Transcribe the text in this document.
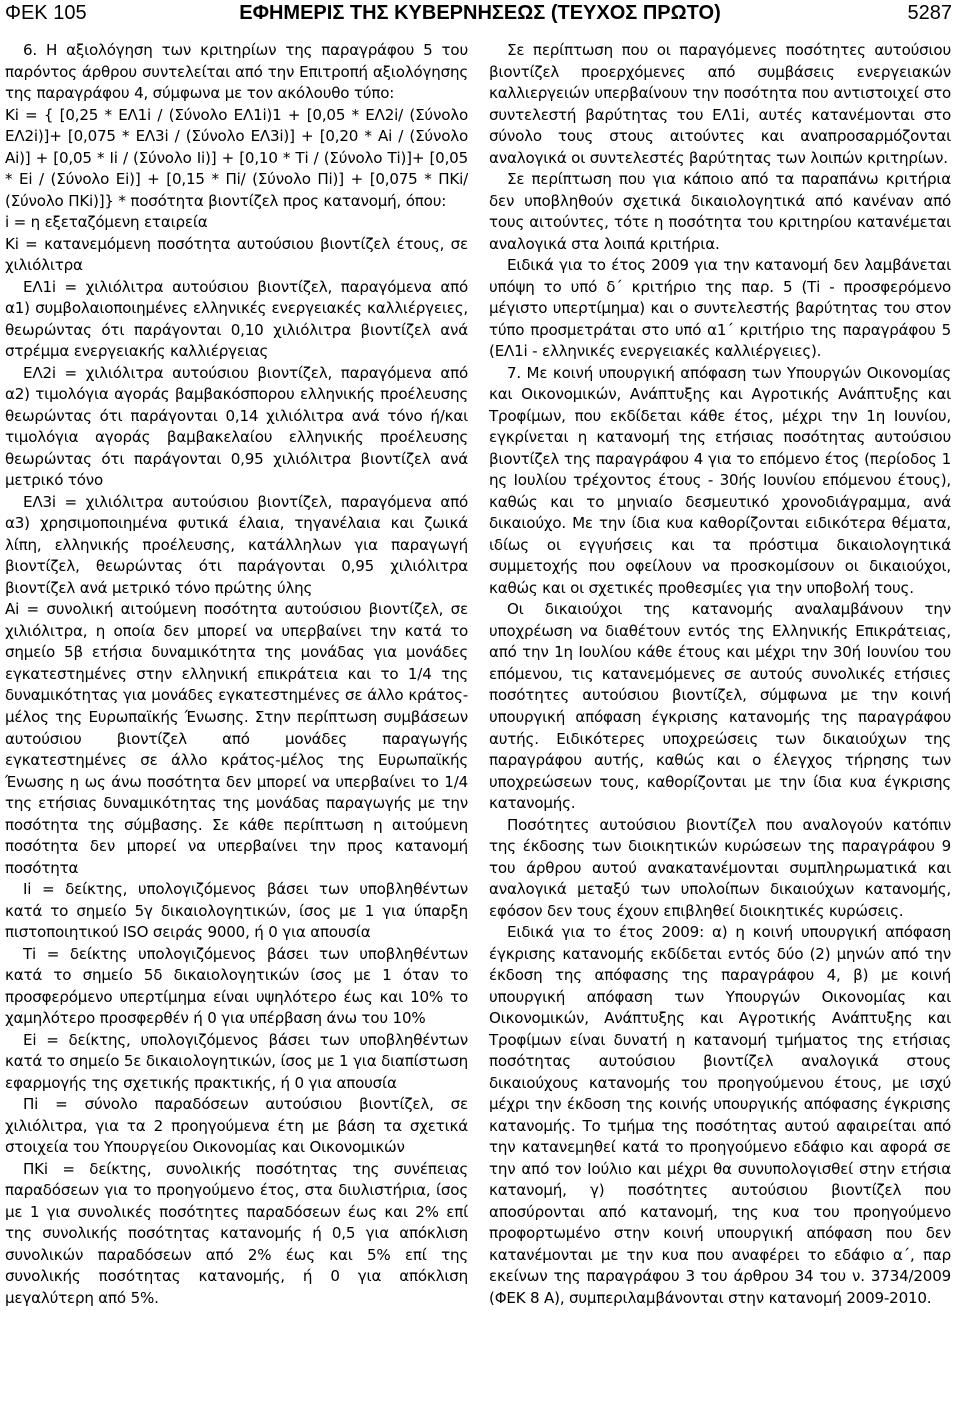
ΦΕΚ 105	ΕΦΗΜΕΡΙΣ ΤΗΣ ΚΥΒΕΡΝΗΣΕΩΣ (ΤΕΥΧΟΣ ΠΡΩΤΟ)	5287

6. Η αξιολόγηση των κριτηρίων της παραγράφου 5 του παρόντος άρθρου συντελείται από την Επιτροπή αξιολόγησης της παραγράφου 4, σύμφωνα με τον ακόλουθο τύπο:

Κi = { [0,25 * ΕΛ1i / (Σύνολο ΕΛ1i)1 + [0,05 * ΕΛ2i/ (Σύνολο ΕΛ2i)]+ [0,075 * ΕΛ3i / (Σύνολο ΕΛ3i)] + [0,20 * Αi / (Σύνολο Αi)] + [0,05 * Ιi / (Σύνολο Ιi)] + [0,10 * Τi / (Σύνολο Τi)]+ [0,05 * Εi / (Σύνολο Εi)] + [0,15 * Πi/ (Σύνολο Πi)] + [0,075 * ΠΚi/ (Σύνολο ΠΚi)]} * ποσότητα βιοντίζελ προς κατανομή, όπου:

i = η εξεταζόμενη εταιρεία

Κi = κατανεμόμενη ποσότητα αυτούσιου βιοντίζελ έτους, σε χιλιόλιτρα

ΕΛ1i = χιλιόλιτρα αυτούσιου βιοντίζελ, παραγόμενα από α1) συμβολαιοποιημένες ελληνικές ενεργειακές καλλιέργειες, θεωρώντας ότι παράγονται 0,10 χιλιόλιτρα βιοντίζελ ανά στρέμμα ενεργειακής καλλιέργειας

ΕΛ2i = χιλιόλιτρα αυτούσιου βιοντίζελ, παραγόμενα από α2) τιμολόγια αγοράς βαμβακόσπορου ελληνικής προέλευσης θεωρώντας ότι παράγονται 0,14 χιλιόλιτρα ανά τόνο ή/και τιμολόγια αγοράς βαμβακελαίου ελληνικής προέλευσης θεωρώντας ότι παράγονται 0,95 χιλιόλιτρα βιοντίζελ ανά μετρικό τόνο

ΕΛ3i = χιλιόλιτρα αυτούσιου βιοντίζελ, παραγόμενα από α3) χρησιμοποιημένα φυτικά έλαια, τηγανέλαια και ζωικά λίπη, ελληνικής προέλευσης, κατάλληλων για παραγωγή βιοντίζελ, θεωρώντας ότι παράγονται 0,95 χιλιόλιτρα βιοντίζελ ανά μετρικό τόνο πρώτης ύλης

Αi = συνολική αιτούμενη ποσότητα αυτούσιου βιοντίζελ, σε χιλιόλιτρα, η οποία δεν μπορεί να υπερβαίνει την κατά το σημείο 5β ετήσια δυναμικότητα της μονάδας για μονάδες εγκατεστημένες στην ελληνική επικράτεια και το 1/4 της δυναμικότητας για μονάδες εγκατεστημένες σε άλλο κράτος-μέλος της Ευρωπαϊκής Ένωσης. Στην περίπτωση συμβάσεων αυτούσιου βιοντίζελ από μονάδες παραγωγής εγκατεστημένες σε άλλο κράτος-μέλος της Ευρωπαϊκής Ένωσης η ως άνω ποσότητα δεν μπορεί να υπερβαίνει το 1/4 της ετήσιας δυναμικότητας της μονάδας παραγωγής με την ποσότητα της σύμβασης. Σε κάθε περίπτωση η αιτούμενη ποσότητα δεν μπορεί να υπερβαίνει την προς κατανομή ποσότητα

Ιi = δείκτης, υπολογιζόμενος βάσει των υποβληθέντων κατά το σημείο 5γ δικαιολογητικών, ίσος με 1 για ύπαρξη πιστοποιητικού ISO σειράς 9000, ή 0 για απουσία

Τi = δείκτης υπολογιζόμενος βάσει των υποβληθέντων κατά το σημείο 5δ δικαιολογητικών ίσος με 1 όταν το προσφερόμενο υπερτίμημα είναι υψηλότερο έως και 10% το χαμηλότερο προσφερθέν ή 0 για υπέρβαση άνω του 10%

Εi = δείκτης, υπολογιζόμενος βάσει των υποβληθέντων κατά το σημείο 5ε δικαιολογητικών, ίσος με 1 για διαπίστωση εφαρμογής της σχετικής πρακτικής, ή 0 για απουσία

Πi = σύνολο παραδόσεων αυτούσιου βιοντίζελ, σε χιλιόλιτρα, για τα 2 προηγούμενα έτη με βάση τα σχετικά στοιχεία του Υπουργείου Οικονομίας και Οικονομικών

ΠΚi = δείκτης, συνολικής ποσότητας της συνέπειας παραδόσεων για το προηγούμενο έτος, στα διυλιστήρια, ίσος με 1 για συνολικές ποσότητες παραδόσεων έως και 2% επί της συνολικής ποσότητας κατανομής ή 0,5 για απόκλιση συνολικών παραδόσεων από 2% έως και 5% επί της συνολικής ποσότητας κατανομής, ή 0 για απόκλιση μεγαλύτερη από 5%.

Σε περίπτωση που οι παραγόμενες ποσότητες αυτούσιου βιοντίζελ προερχόμενες από συμβάσεις ενεργειακών καλλιεργειών υπερβαίνουν την ποσότητα που αντιστοιχεί στο συντελεστή βαρύτητας του ΕΛ1i, αυτές κατανέμονται στο σύνολο τους στους αιτούντες και αναπροσαρμόζονται αναλογικά οι συντελεστές βαρύτητας των λοιπών κριτηρίων.

Σε περίπτωση που για κάποιο από τα παραπάνω κριτήρια δεν υποβληθούν σχετικά δικαιολογητικά από κανέναν από τους αιτούντες, τότε η ποσότητα του κριτηρίου κατανέμεται αναλογικά στα λοιπά κριτήρια.

Ειδικά για το έτος 2009 για την κατανομή δεν λαμβάνεται υπόψη το υπό δ΄ κριτήριο της παρ. 5 (Τi - προσφερόμενο μέγιστο υπερτίμημα) και ο συντελεστής βαρύτητας του στον τύπο προσμετράται στο υπό α1΄ κριτήριο της παραγράφου 5 (ΕΛ1i - ελληνικές ενεργειακές καλλιέργειες).

7. Με κοινή υπουργική απόφαση των Υπουργών Οικονομίας και Οικονομικών, Ανάπτυξης και Αγροτικής Ανάπτυξης και Τροφίμων, που εκδίδεται κάθε έτος, μέχρι την 1η Ιουνίου, εγκρίνεται η κατανομή της ετήσιας ποσότητας αυτούσιου βιοντίζελ της παραγράφου 4 για το επόμενο έτος (περίοδος 1 ης Ιουλίου τρέχοντος έτους - 30ής Ιουνίου επόμενου έτους), καθώς και το μηνιαίο δεσμευτικό χρονοδιάγραμμα, ανά δικαιούχο. Με την ίδια κυα καθορίζονται ειδικότερα θέματα, ιδίως οι εγγυήσεις και τα πρόστιμα δικαιολογητικά συμμετοχής που οφείλουν να προσκομίσουν οι δικαιούχοι, καθώς και οι σχετικές προθεσμίες για την υποβολή τους.

Οι δικαιούχοι της κατανομής αναλαμβάνουν την υποχρέωση να διαθέτουν εντός της Ελληνικής Επικράτειας, από την 1η Ιουλίου κάθε έτους και μέχρι την 30ή Ιουνίου του επόμενου, τις κατανεμόμενες σε αυτούς συνολικές ετήσιες ποσότητες αυτούσιου βιοντίζελ, σύμφωνα με την κοινή υπουργική απόφαση έγκρισης κατανομής της παραγράφου αυτής. Ειδικότερες υποχρεώσεις των δικαιούχων της παραγράφου αυτής, καθώς και ο έλεγχος τήρησης των υποχρεώσεων τους, καθορίζονται με την ίδια κυα έγκρισης κατανομής.

Ποσότητες αυτούσιου βιοντίζελ που αναλογούν κατόπιν της έκδοσης των διοικητικών κυρώσεων της παραγράφου 9 του άρθρου αυτού ανακατανέμονται συμπληρωματικά και αναλογικά μεταξύ των υπολοίπων δικαιούχων κατανομής, εφόσον δεν τους έχουν επιβληθεί διοικητικές κυρώσεις.

Ειδικά για το έτος 2009: α) η κοινή υπουργική απόφαση έγκρισης κατανομής εκδίδεται εντός δύο (2) μηνών από την έκδοση της απόφασης της παραγράφου 4, β) με κοινή υπουργική απόφαση των Υπουργών Οικονομίας και Οικονομικών, Ανάπτυξης και Αγροτικής Ανάπτυξης και Τροφίμων είναι δυνατή η κατανομή τμήματος της ετήσιας ποσότητας αυτούσιου βιοντίζελ αναλογικά στους δικαιούχους κατανομής του προηγούμενου έτους, με ισχύ μέχρι την έκδοση της κοινής υπουργικής απόφασης έγκρισης κατανομής. Το τμήμα της ποσότητας αυτού αφαιρείται από την κατανεμηθεί κατά το προηγούμενο εδάφιο και αφορά σε την από τον Ιούλιο και μέχρι θα συνυπολογισθεί στην ετήσια κατανομή, γ) ποσότητες αυτούσιου βιοντίζελ που αποσύρονται από κατανομή, της κυα του προηγούμενο προφορτωμένο στην κοινή υπουργική απόφαση που δεν κατανέμονται με την κυα που αναφέρει το εδάφιο α΄, παρ εκείνων της παραγράφου 3 του άρθρου 34 του ν. 3734/2009 (ΦΕΚ 8 Α), συμπεριλαμβάνονται στην κατανομή 2009-2010.
